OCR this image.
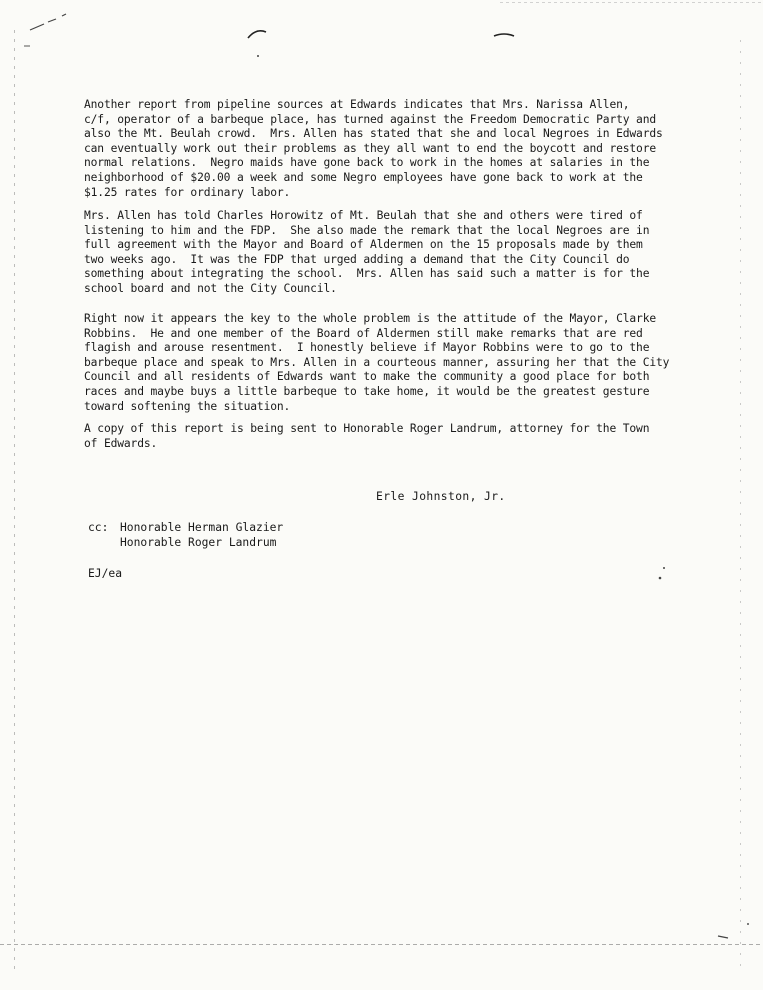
Another report from pipeline sources at Edwards indicates that Mrs. Narissa Allen,
c/f, operator of a barbeque place, has turned against the Freedom Democratic Party and
also the Mt. Beulah crowd.  Mrs. Allen has stated that she and local Negroes in Edwards
can eventually work out their problems as they all want to end the boycott and restore
normal relations.  Negro maids have gone back to work in the homes at salaries in the
neighborhood of $20.00 a week and some Negro employees have gone back to work at the
$1.25 rates for ordinary labor.
Mrs. Allen has told Charles Horowitz of Mt. Beulah that she and others were tired of
listening to him and the FDP.  She also made the remark that the local Negroes are in
full agreement with the Mayor and Board of Aldermen on the 15 proposals made by them
two weeks ago.  It was the FDP that urged adding a demand that the City Council do
something about integrating the school.  Mrs. Allen has said such a matter is for the
school board and not the City Council.
Right now it appears the key to the whole problem is the attitude of the Mayor, Clarke
Robbins.  He and one member of the Board of Aldermen still make remarks that are red
flagish and arouse resentment.  I honestly believe if Mayor Robbins were to go to the
barbeque place and speak to Mrs. Allen in a courteous manner, assuring her that the City
Council and all residents of Edwards want to make the community a good place for both
races and maybe buys a little barbeque to take home, it would be the greatest gesture
toward softening the situation.
A copy of this report is being sent to Honorable Roger Landrum, attorney for the Town
of Edwards.
Erle Johnston, Jr.
cc: Honorable Herman Glazier
Honorable Roger Landrum
EJ/ea
